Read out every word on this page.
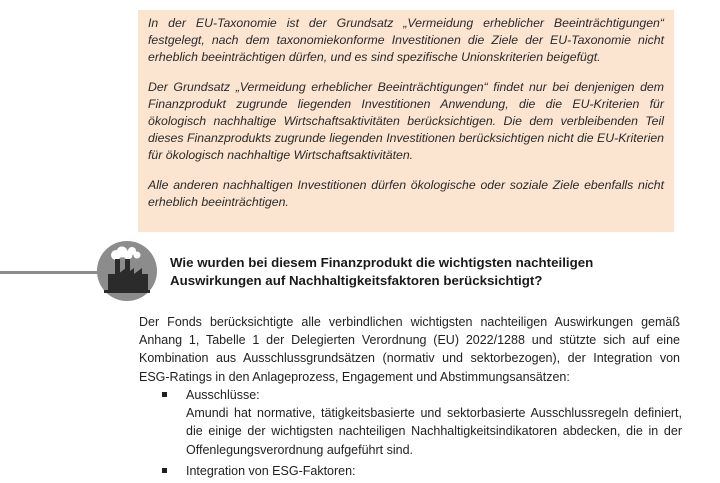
In der EU-Taxonomie ist der Grundsatz „Vermeidung erheblicher Beeinträchtigungen“ festgelegt, nach dem taxonomiekonforme Investitionen die Ziele der EU-Taxonomie nicht erheblich beeinträchtigen dürfen, und es sind spezifische Unionskriterien beigefügt.

Der Grundsatz „Vermeidung erheblicher Beeinträchtigungen“ findet nur bei denjenigen dem Finanzprodukt zugrunde liegenden Investitionen Anwendung, die die EU-Kriterien für ökologisch nachhaltige Wirtschaftsaktivitäten berücksichtigen. Die dem verbleibenden Teil dieses Finanzprodukts zugrunde liegenden Investitionen berücksichtigen nicht die EU-Kriterien für ökologisch nachhaltige Wirtschaftsaktivitäten.

Alle anderen nachhaltigen Investitionen dürfen ökologische oder soziale Ziele ebenfalls nicht erheblich beeinträchtigen.

Wie wurden bei diesem Finanzprodukt die wichtigsten nachteiligen Auswirkungen auf Nachhaltigkeitsfaktoren berücksichtigt?
Der Fonds berücksichtigte alle verbindlichen wichtigsten nachteiligen Auswirkungen gemäß Anhang 1, Tabelle 1 der Delegierten Verordnung (EU) 2022/1288 und stützte sich auf eine Kombination aus Ausschlussgrundsätzen (normativ und sektorbezogen), der Integration von ESG-Ratings in den Anlageprozess, Engagement und Abstimmungsansätzen:
Ausschlüsse:
Amundi hat normative, tätigkeitsbasierte und sektorbasierte Ausschlussregeln definiert, die einige der wichtigsten nachteiligen Nachhaltigkeitsindikatoren abdecken, die in der Offenlegungsverordnung aufgeführt sind.
Integration von ESG-Faktoren:
